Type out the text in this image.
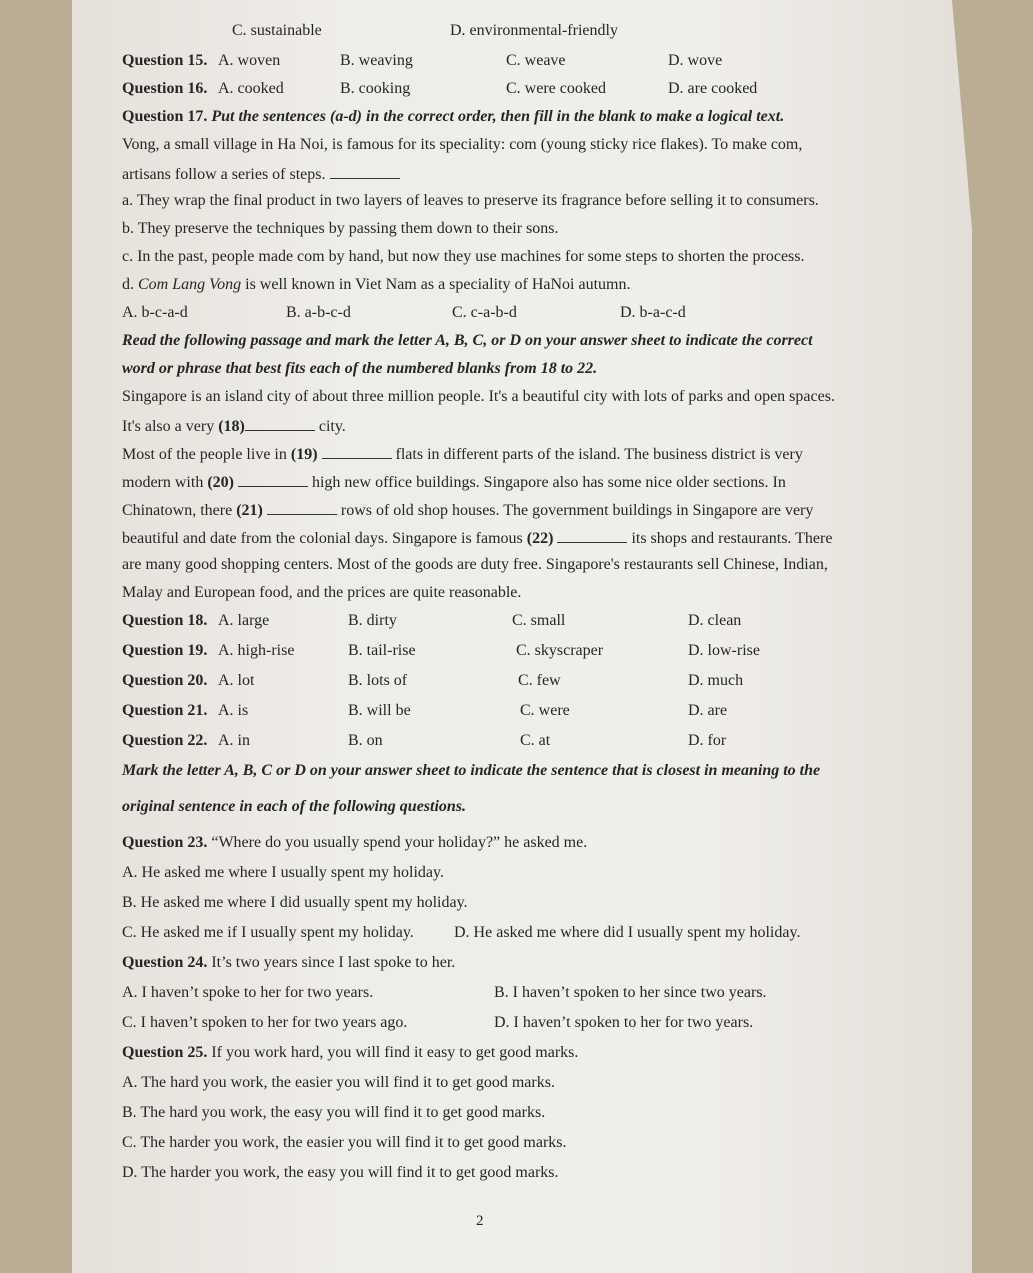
C. sustainable	D. environmental-friendly
Question 15. A. woven	B. weaving	C. weave	D. wove
Question 16. A. cooked	B. cooking	C. were cooked	D. are cooked
Question 17. Put the sentences (a-d) in the correct order, then fill in the blank to make a logical text.
Vong, a small village in Ha Noi, is famous for its speciality: com (young sticky rice flakes). To make com,
artisans follow a series of steps.
a. They wrap the final product in two layers of leaves to preserve its fragrance before selling it to consumers.
b. They preserve the techniques by passing them down to their sons.
c. In the past, people made com by hand, but now they use machines for some steps to shorten the process.
d. Com Lang Vong is well known in Viet Nam as a speciality of HaNoi autumn.
A. b-c-a-d	B. a-b-c-d	C. c-a-b-d	D. b-a-c-d
Read the following passage and mark the letter A, B, C, or D on your answer sheet to indicate the correct
word or phrase that best fits each of the numbered blanks from 18 to 22.
Singapore is an island city of about three million people. It's a beautiful city with lots of parks and open spaces.
It's also a very (18)	city.
Most of the people live in (19)	flats in different parts of the island. The business district is very
modern with (20)	high new office buildings. Singapore also has some nice older sections. In
Chinatown, there (21)	rows of old shop houses. The government buildings in Singapore are very
beautiful and date from the colonial days. Singapore is famous (22)	its shops and restaurants. There
are many good shopping centers. Most of the goods are duty free. Singapore's restaurants sell Chinese, Indian,
Malay and European food, and the prices are quite reasonable.
Question 18. A. large	B. dirty	C. small	D. clean
Question 19. A. high-rise	B. tail-rise	C. skyscraper	D. low-rise
Question 20. A. lot	B. lots of	C. few	D. much
Question 21. A. is	B. will be	C. were	D. are
Question 22. A. in	B. on	C. at	D. for
Mark the letter A, B, C or D on your answer sheet to indicate the sentence that is closest in meaning to the
original sentence in each of the following questions.
Question 23. “Where do you usually spend your holiday?” he asked me.
A. He asked me where I usually spent my holiday.
B. He asked me where I did usually spent my holiday.
C. He asked me if I usually spent my holiday.	D. He asked me where did I usually spent my holiday.
Question 24. It’s two years since I last spoke to her.
A. I haven’t spoke to her for two years.	B. I haven’t spoken to her since two years.
C. I haven’t spoken to her for two years ago.	D. I haven’t spoken to her for two years.
Question 25. If you work hard, you will find it easy to get good marks.
A. The hard you work, the easier you will find it to get good marks.
B. The hard you work, the easy you will find it to get good marks.
C. The harder you work, the easier you will find it to get good marks.
D. The harder you work, the easy you will find it to get good marks.
2
